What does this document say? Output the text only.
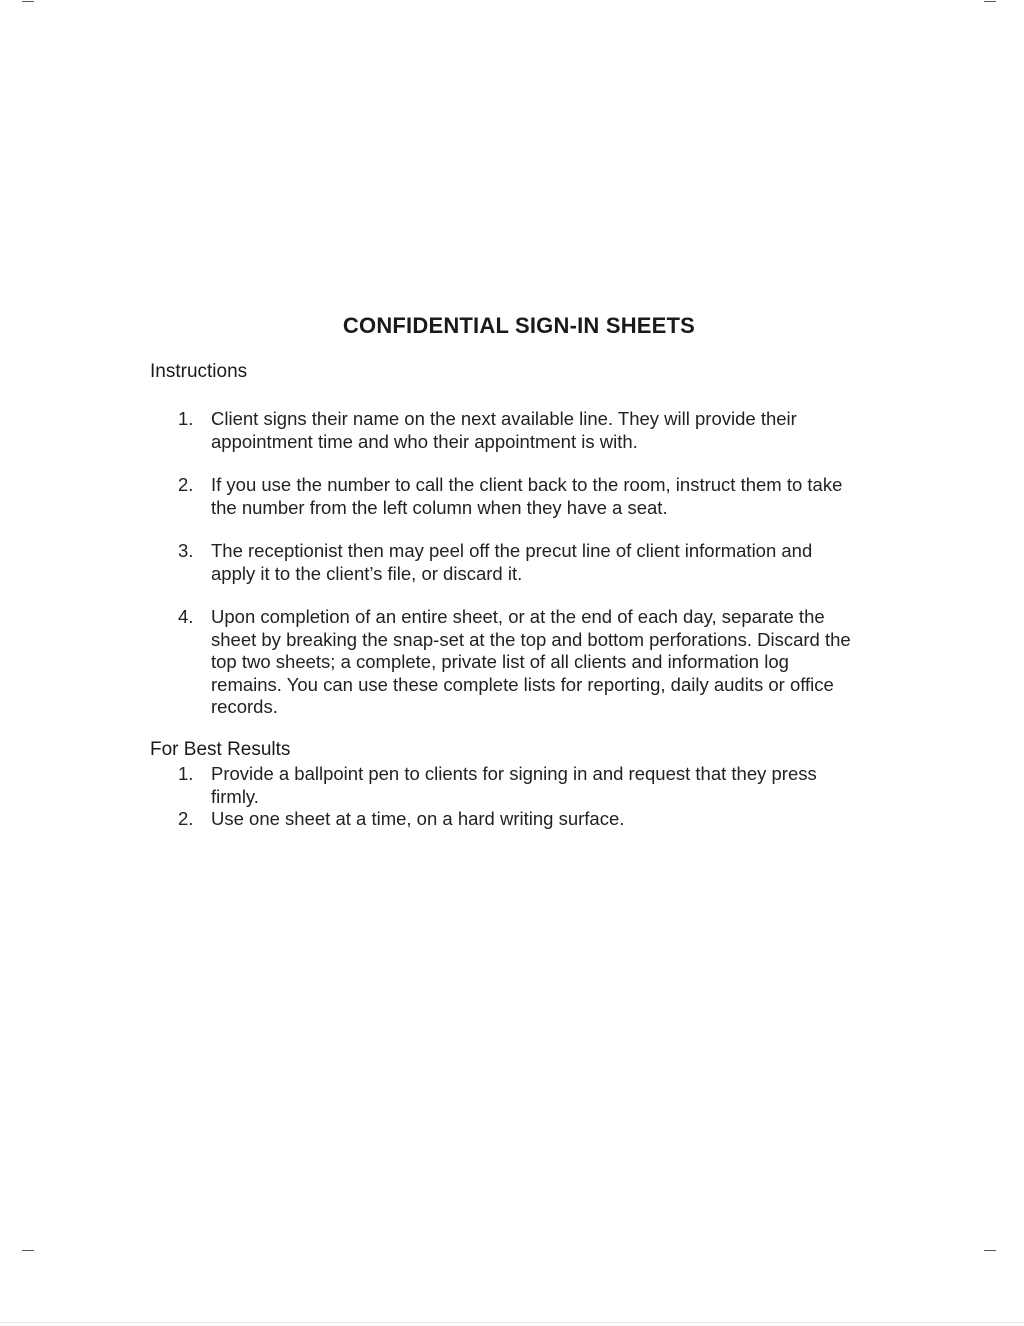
CONFIDENTIAL SIGN-IN SHEETS
Instructions
1. Client signs their name on the next available line. They will provide their appointment time and who their appointment is with.
2. If you use the number to call the client back to the room, instruct them to take the number from the left column when they have a seat.
3. The receptionist then may peel off the precut line of client information and apply it to the client’s file, or discard it.
4. Upon completion of an entire sheet, or at the end of each day, separate the sheet by breaking the snap-set at the top and bottom perforations. Discard the top two sheets; a complete, private list of all clients and information log remains. You can use these complete lists for reporting, daily audits or office records.
For Best Results
1. Provide a ballpoint pen to clients for signing in and request that they press firmly.
2. Use one sheet at a time, on a hard writing surface.
